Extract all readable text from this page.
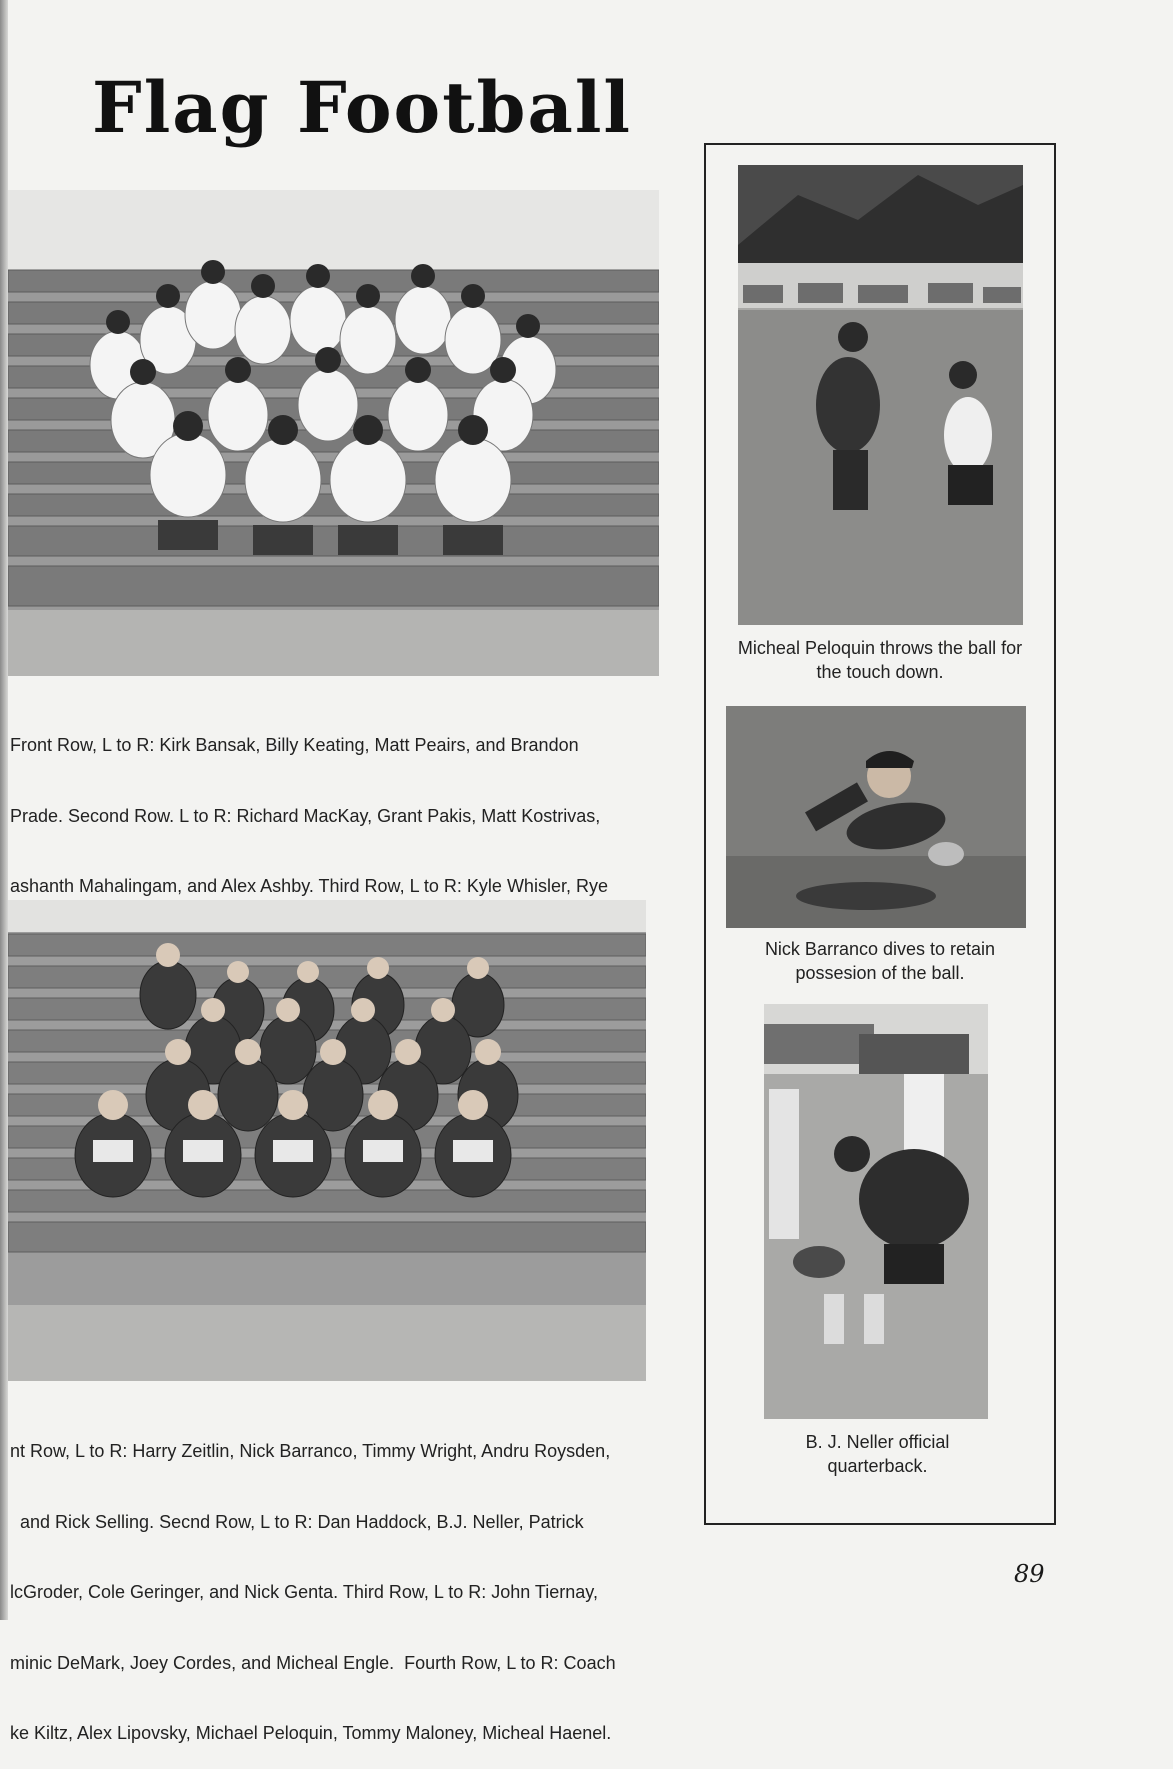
Flag Football

Front Row, L to R: Kirk Bansak, Billy Keating, Matt Peairs, and Brandon

Prade. Second Row. L to R: Richard MacKay, Grant Pakis, Matt Kostrivas,

ashanth Mahalingam, and Alex Ashby. Third Row, L to R: Kyle Whisler, Rye

nt Row, L to R: Harry Zeitlin, Nick Barranco, Timmy Wright, Andru Roysden,

and Rick Selling. Secnd Row, L to R: Dan Haddock, B.J. Neller, Patrick

lcGroder, Cole Geringer, and Nick Genta. Third Row, L to R: John Tiernay,

minic DeMark, Joey Cordes, and Micheal Engle.  Fourth Row, L to R: Coach

ke Kiltz, Alex Lipovsky, Michael Peloquin, Tommy Maloney, Micheal Haenel.

Micheal Peloquin throws the ball for the touch down.
Nick Barranco dives to retain possesion of the ball.
B. J. Neller official quarterback.
89
